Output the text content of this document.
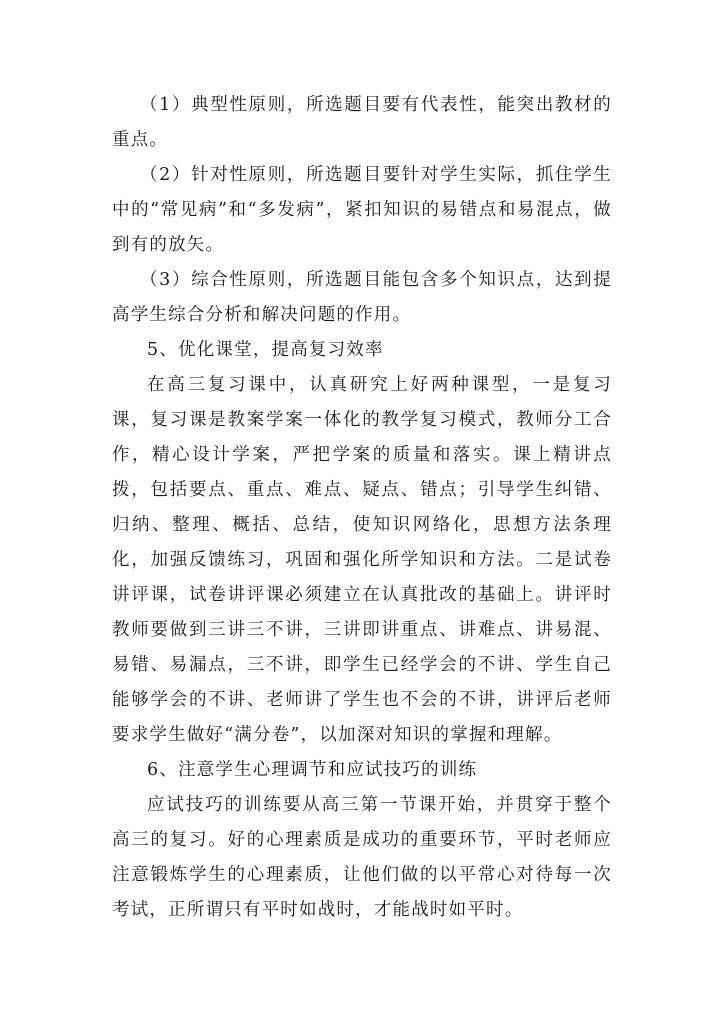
（1）典型性原则，所选题目要有代表性，能突出教材的重点。

（2）针对性原则，所选题目要针对学生实际，抓住学生中的“常见病”和“多发病”，紧扣知识的易错点和易混点，做到有的放矢。

（3）综合性原则，所选题目能包含多个知识点，达到提高学生综合分析和解决问题的作用。

5、优化课堂，提高复习效率

在高三复习课中，认真研究上好两种课型，一是复习课，复习课是教案学案一体化的教学复习模式，教师分工合作，精心设计学案，严把学案的质量和落实。课上精讲点拨，包括要点、重点、难点、疑点、错点；引导学生纠错、归纳、整理、概括、总结，使知识网络化，思想方法条理化，加强反馈练习，巩固和强化所学知识和方法。二是试卷讲评课，试卷讲评课必须建立在认真批改的基础上。讲评时教师要做到三讲三不讲，三讲即讲重点、讲难点、讲易混、易错、易漏点，三不讲，即学生已经学会的不讲、学生自己能够学会的不讲、老师讲了学生也不会的不讲，讲评后老师要求学生做好“满分卷”，以加深对知识的掌握和理解。

6、注意学生心理调节和应试技巧的训练

应试技巧的训练要从高三第一节课开始，并贯穿于整个高三的复习。好的心理素质是成功的重要环节，平时老师应注意锻炼学生的心理素质，让他们做的以平常心对待每一次考试，正所谓只有平时如战时，才能战时如平时。
